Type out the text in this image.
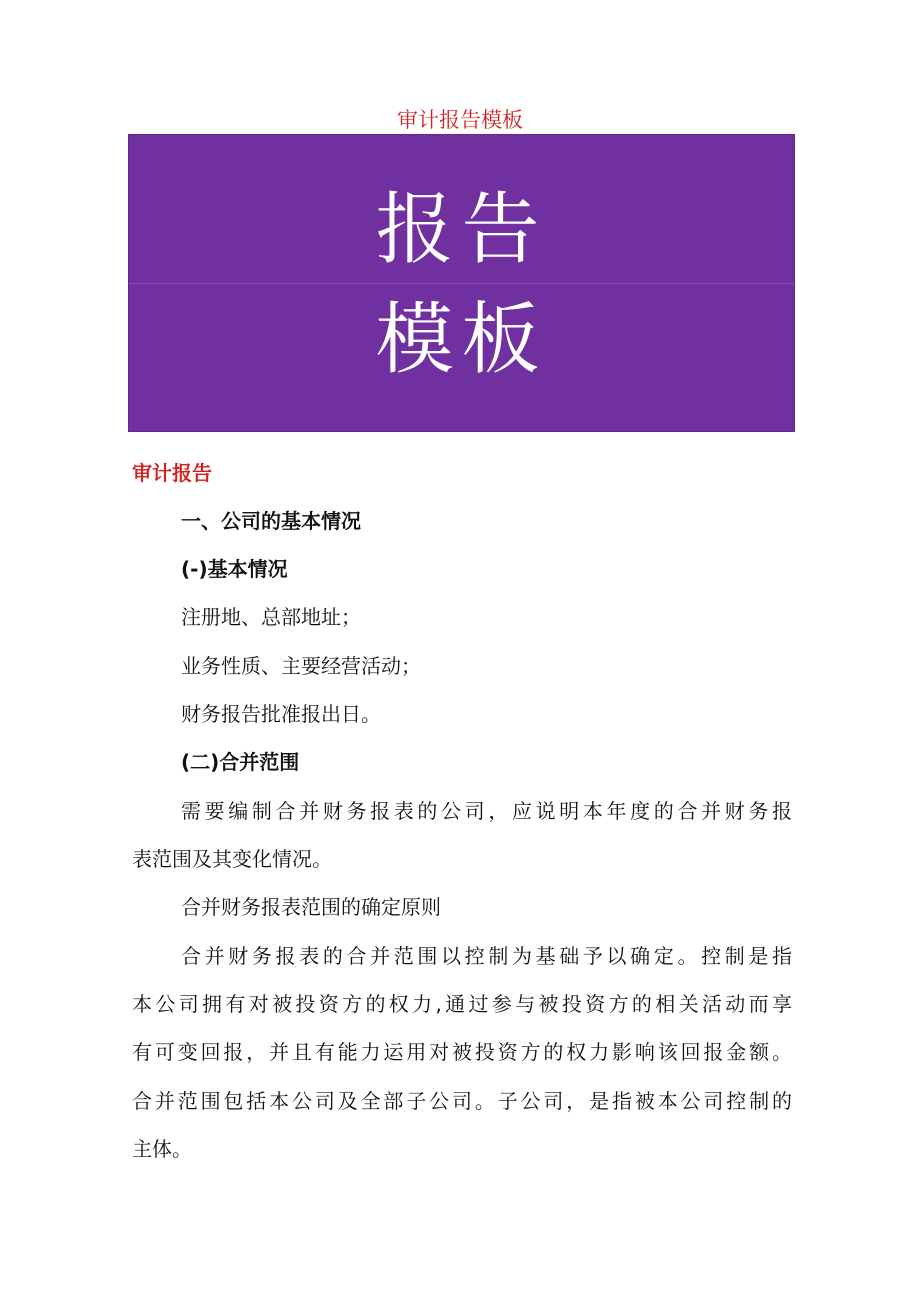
审计报告模板
报告
模板
审计报告
一、公司的基本情况
(-)基本情况
注册地、总部地址；
业务性质、主要经营活动；
财务报告批准报出日。
(二)合并范围
需要编制合并财务报表的公司，应说明本年度的合并财务报
表范围及其变化情况。
合并财务报表范围的确定原则
合并财务报表的合并范围以控制为基础予以确定。控制是指
本公司拥有对被投资方的权力,通过参与被投资方的相关活动而享
有可变回报，并且有能力运用对被投资方的权力影响该回报金额。
合并范围包括本公司及全部子公司。子公司，是指被本公司控制的
主体。
